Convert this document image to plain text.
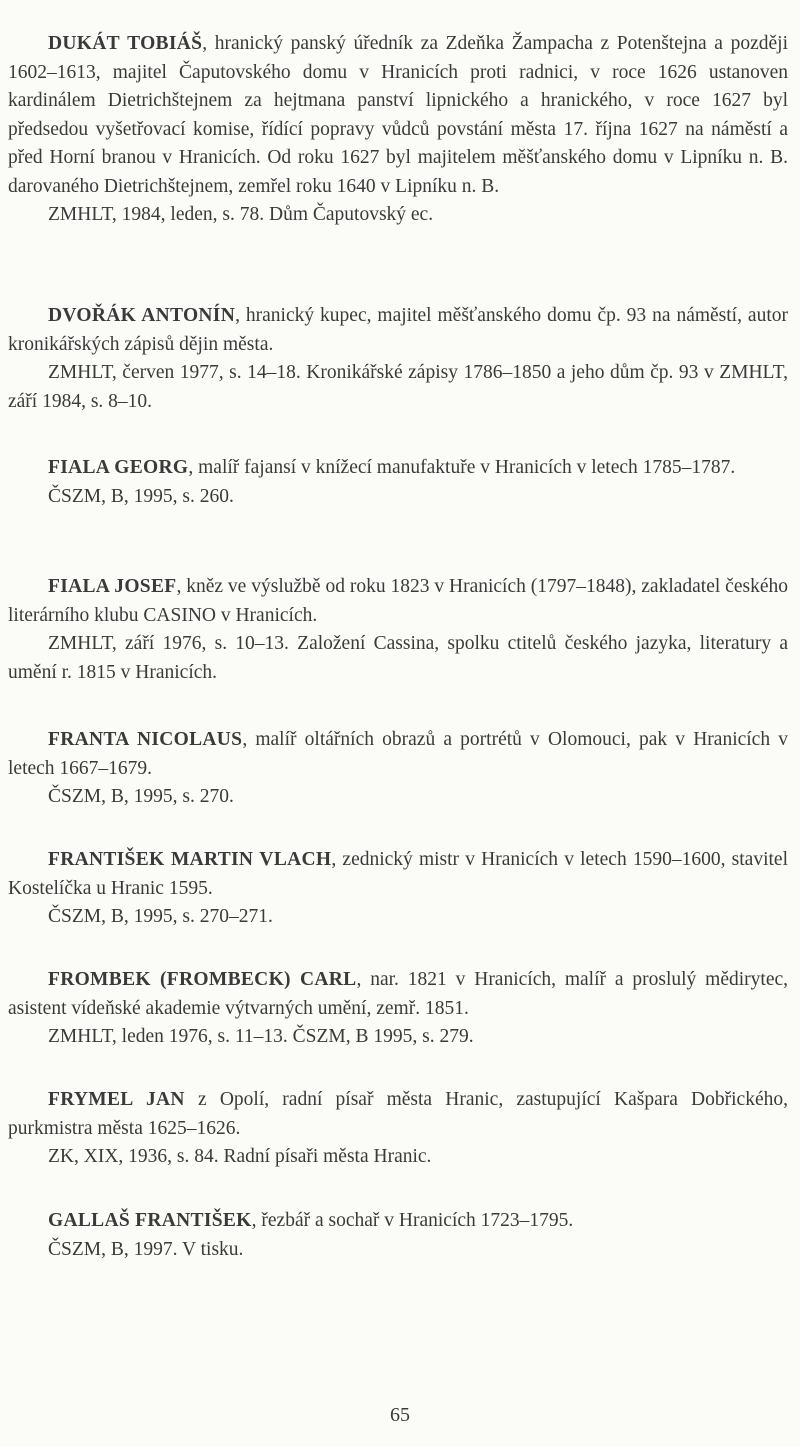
DUKÁT TOBIÁŠ, hranický panský úředník za Zdeňka Žampacha z Potenštejna a později 1602–1613, majitel Čaputovského domu v Hranicích proti radnici, v roce 1626 ustanoven kardinálem Dietrichštejnem za hejtmana panství lipnického a hranického, v roce 1627 byl předsedou vyšetřovací komise, řídící popravy vůdců povstání města 17. října 1627 na náměstí a před Horní branou v Hranicích. Od roku 1627 byl majitelem měšťanského domu v Lipníku n. B. darovaného Dietrichštejnem, zemřel roku 1640 v Lipníku n. B.

ZMHLT, 1984, leden, s. 78. Dům Čaputovský ec.

DVOŘÁK ANTONÍN, hranický kupec, majitel měšťanského domu čp. 93 na náměstí, autor kronikářských zápisů dějin města.

ZMHLT, červen 1977, s. 14–18. Kronikářské zápisy 1786–1850 a jeho dům čp. 93 v ZMHLT, září 1984, s. 8–10.

FIALA GEORG, malíř fajansí v knížecí manufaktuře v Hranicích v letech 1785–1787.

ČSZM, B, 1995, s. 260.

FIALA JOSEF, kněz ve výslužbě od roku 1823 v Hranicích (1797–1848), zakladatel českého literárního klubu CASINO v Hranicích.

ZMHLT, září 1976, s. 10–13. Založení Cassina, spolku ctitelů českého jazyka, literatury a umění r. 1815 v Hranicích.

FRANTA NICOLAUS, malíř oltářních obrazů a portrétů v Olomouci, pak v Hranicích v letech 1667–1679.

ČSZM, B, 1995, s. 270.

FRANTIŠEK MARTIN VLACH, zednický mistr v Hranicích v letech 1590–1600, stavitel Kostelíčka u Hranic 1595.

ČSZM, B, 1995, s. 270–271.

FROMBEK (FROMBECK) CARL, nar. 1821 v Hranicích, malíř a proslulý mědirytec, asistent vídeňské akademie výtvarných umění, zemř. 1851.

ZMHLT, leden 1976, s. 11–13. ČSZM, B 1995, s. 279.

FRYMEL JAN z Opolí, radní písař města Hranic, zastupující Kašpara Dobřického, purkmistra města 1625–1626.

ZK, XIX, 1936, s. 84. Radní písaři města Hranic.

GALLAŠ FRANTIŠEK, řezbář a sochař v Hranicích 1723–1795.

ČSZM, B, 1997. V tisku.

65
